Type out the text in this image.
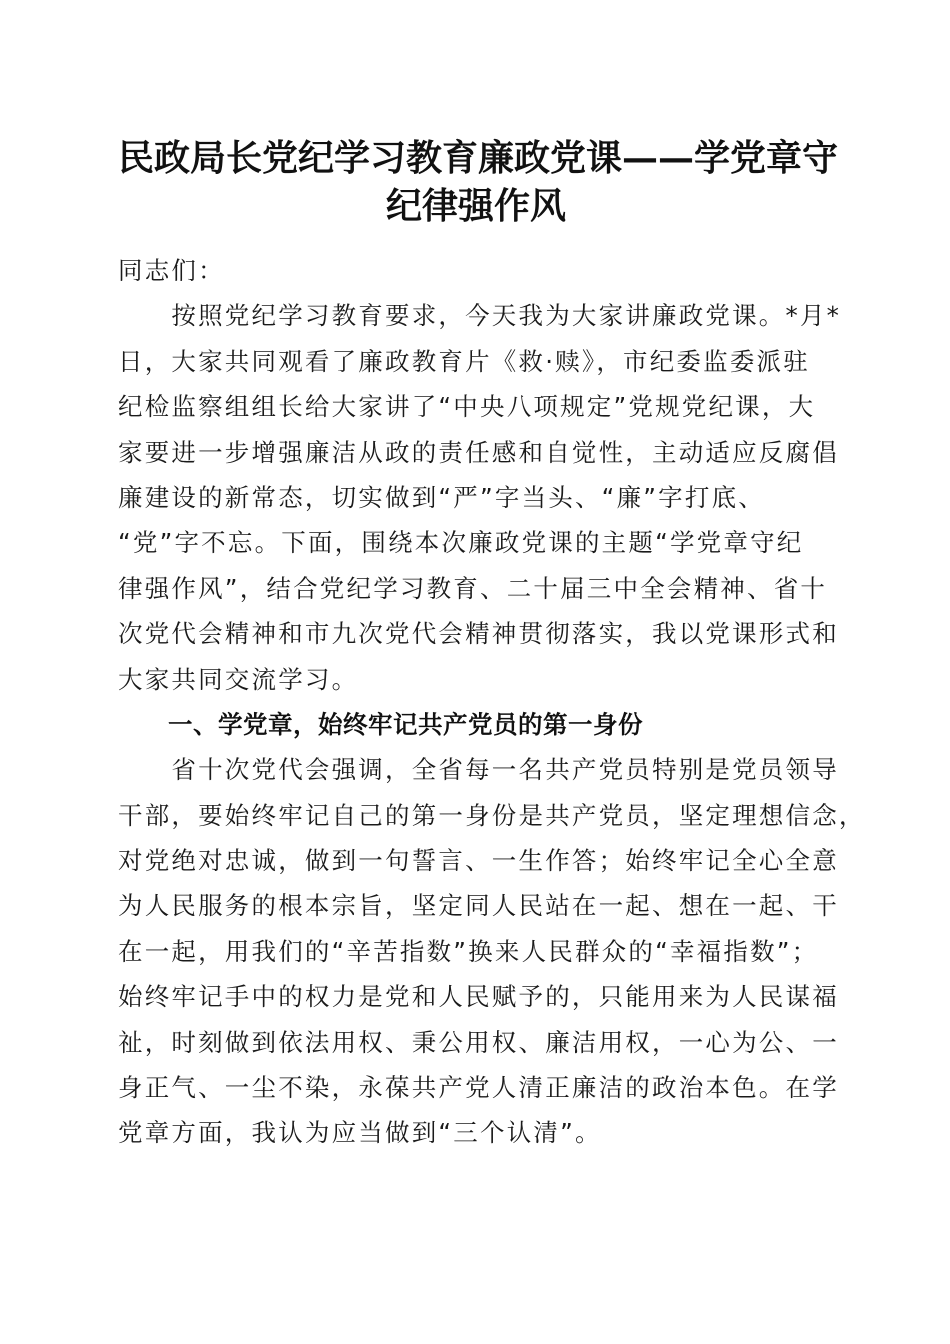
民政局长党纪学习教育廉政党课——学党章守
纪律强作风
同志们：
　　按照党纪学习教育要求，今天我为大家讲廉政党课。*月*
日，大家共同观看了廉政教育片《救·赎》，市纪委监委派驻
纪检监察组组长给大家讲了“中央八项规定”党规党纪课，大
家要进一步增强廉洁从政的责任感和自觉性，主动适应反腐倡
廉建设的新常态，切实做到“严”字当头、“廉”字打底、
“党”字不忘。下面，围绕本次廉政党课的主题“学党章守纪
律强作风”，结合党纪学习教育、二十届三中全会精神、省十
次党代会精神和市九次党代会精神贯彻落实，我以党课形式和
大家共同交流学习。
　　一、学党章，始终牢记共产党员的第一身份
　　省十次党代会强调，全省每一名共产党员特别是党员领导
干部，要始终牢记自己的第一身份是共产党员，坚定理想信念，
对党绝对忠诚，做到一句誓言、一生作答；始终牢记全心全意
为人民服务的根本宗旨，坚定同人民站在一起、想在一起、干
在一起，用我们的“辛苦指数”换来人民群众的“幸福指数”；
始终牢记手中的权力是党和人民赋予的，只能用来为人民谋福
祉，时刻做到依法用权、秉公用权、廉洁用权，一心为公、一
身正气、一尘不染，永葆共产党人清正廉洁的政治本色。在学
党章方面，我认为应当做到“三个认清”。
